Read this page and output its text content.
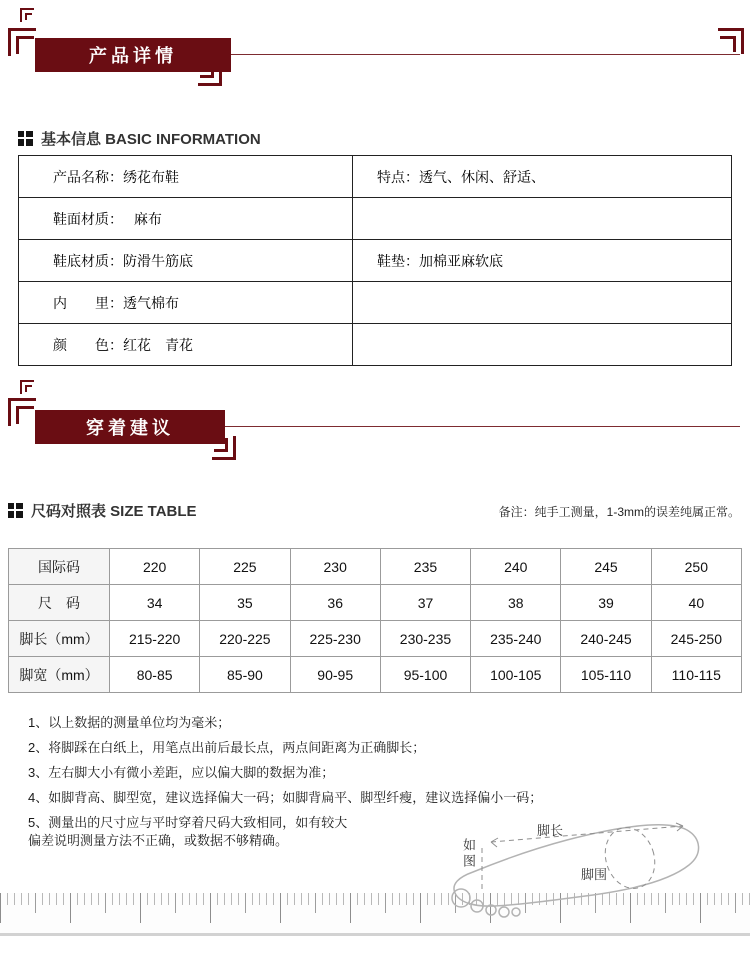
产品详情
基本信息 BASIC INFORMATION
产品名称：绣花布鞋	特点：透气、休闲、舒适、
鞋面材质：　 麻布
鞋底材质：防滑牛筋底	鞋垫：加棉亚麻软底
内　　里：透气棉布
颜　　色：红花　青花
穿着建议
尺码对照表 SIZE TABLE	备注：纯手工测量，1-3mm的误差纯属正常。
国际码	220	225	230	235	240	245	250
尺　码	34	35	36	37	38	39	40
脚长（mm）	215-220	220-225	225-230	230-235	235-240	240-245	245-250
脚宽（mm）	80-85	85-90	90-95	95-100	100-105	105-110	110-115
1、以上数据的测量单位均为毫米；
2、将脚踩在白纸上，用笔点出前后最长点，两点间距离为正确脚长；
3、左右脚大小有微小差距，应以偏大脚的数据为准；
4、如脚背高、脚型宽，建议选择偏大一码；如脚背扁平、脚型纤瘦，建议选择偏小一码；
5、测量出的尺寸应与平时穿着尺码大致相同，如有较大偏差说明测量方法不正确，或数据不够精确。
脚长
脚围
如图
